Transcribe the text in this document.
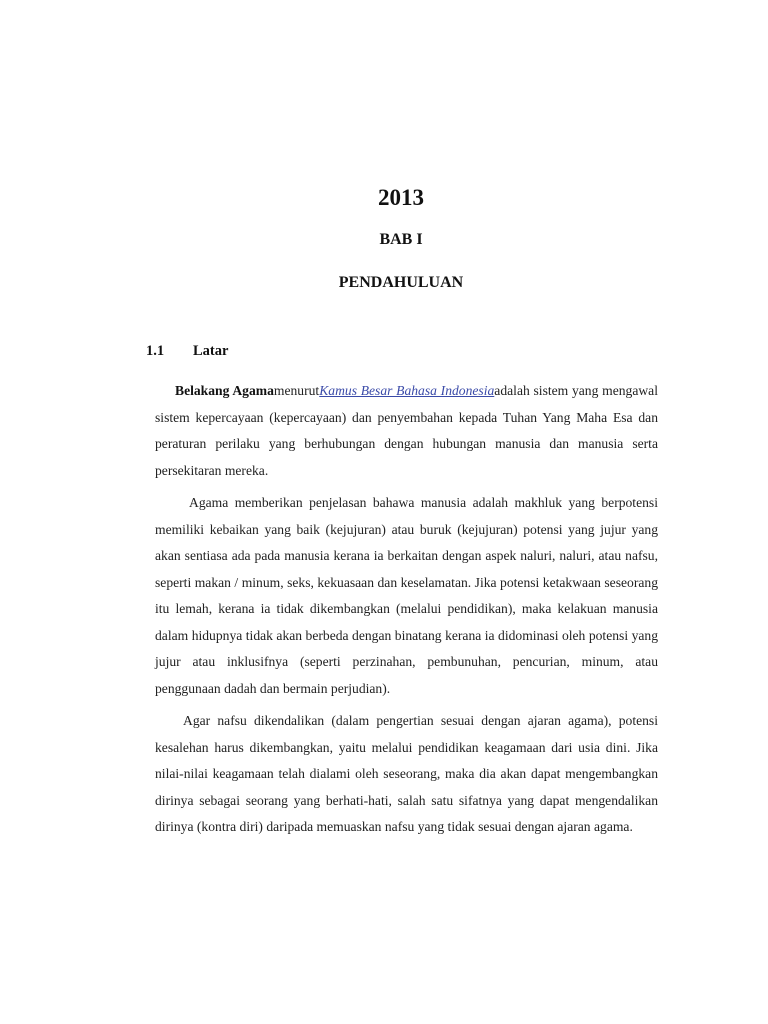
2013
BAB I
PENDAHULUAN
1.1 Latar

Belakang AgamamenurutKamus Besar Bahasa Indonesiaadalah sistem yang mengawal sistem kepercayaan (kepercayaan) dan penyembahan kepada Tuhan Yang Maha Esa dan peraturan perilaku yang berhubungan dengan hubungan manusia dan manusia serta persekitaran mereka.

Agama memberikan penjelasan bahawa manusia adalah makhluk yang berpotensi memiliki kebaikan yang baik (kejujuran) atau buruk (kejujuran) potensi yang jujur yang akan sentiasa ada pada manusia kerana ia berkaitan dengan aspek naluri, naluri, atau nafsu, seperti makan / minum, seks, kekuasaan dan keselamatan. Jika potensi ketakwaan seseorang itu lemah, kerana ia tidak dikembangkan (melalui pendidikan), maka kelakuan manusia dalam hidupnya tidak akan berbeda dengan binatang kerana ia didominasi oleh potensi yang jujur atau inklusifnya (seperti perzinahan, pembunuhan, pencurian, minum, atau penggunaan dadah dan bermain perjudian).

Agar nafsu dikendalikan (dalam pengertian sesuai dengan ajaran agama), potensi kesalehan harus dikembangkan, yaitu melalui pendidikan keagamaan dari usia dini. Jika nilai-nilai keagamaan telah dialami oleh seseorang, maka dia akan dapat mengembangkan dirinya sebagai seorang yang berhati-hati, salah satu sifatnya yang dapat mengendalikan dirinya (kontra diri) daripada memuaskan nafsu yang tidak sesuai dengan ajaran agama.
